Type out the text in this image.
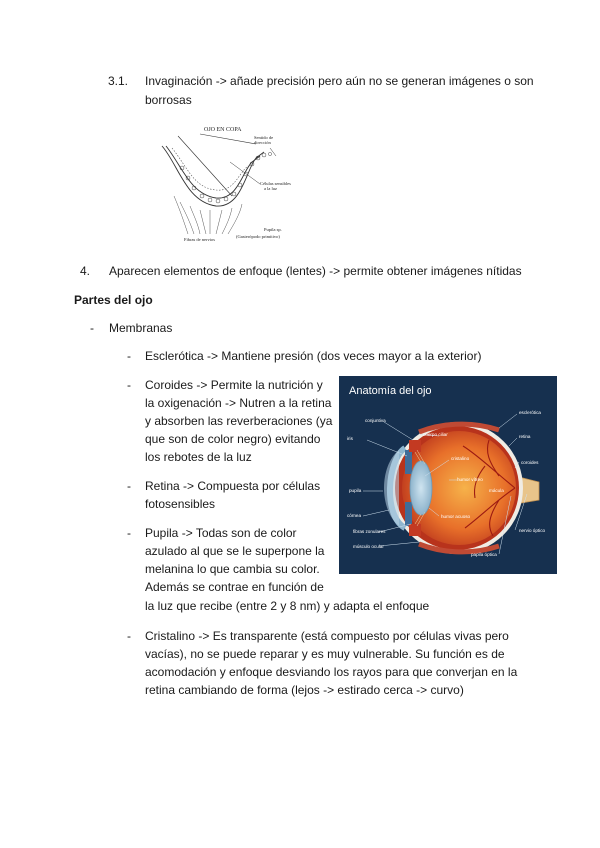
3.1. Invaginación -> añade precisión pero aún no se generan imágenes o son
borrosas
OJO EN COPA
Sentido de
dirección
Células sensibles
a la luz
Pupila sp.
(Gasterópodo primitivo)
Fibras de nervios
4. Aparecen elementos de enfoque (lentes) -> permite obtener imágenes nítidas
Partes del ojo
- Membranas
- Esclerótica -> Mantiene presión (dos veces mayor a la exterior)
- Coroides -> Permite la nutrición y
la oxigenación -> Nutren a la retina
y absorben las reverberaciones (ya
que son de color negro) evitando
los rebotes de la luz
- Retina -> Compuesta por células
fotosensibles
- Pupila -> Todas son de color
azulado al que se le superpone la
melanina lo que cambia su color.
Además se contrae en función de
la luz que recibe (entre 2 y 8 nm) y adapta el enfoque
- Cristalino -> Es transparente (está compuesto por células vivas pero
vacías), no se puede reparar y es muy vulnerable. Su función es de
acomodación y enfoque desviando los rayos para que converjan en la
retina cambiando de forma (lejos -> estirado cerca -> curvo)
Anatomía del ojo
conjuntiva
cuerpo ciliar
iris
cristalino
pupila
humor vítreo
córnea	humor acuoso
fibras zonulares
músculo ocular
esclerótica
retina
coroides
nervio óptico
papila óptica
mácula
